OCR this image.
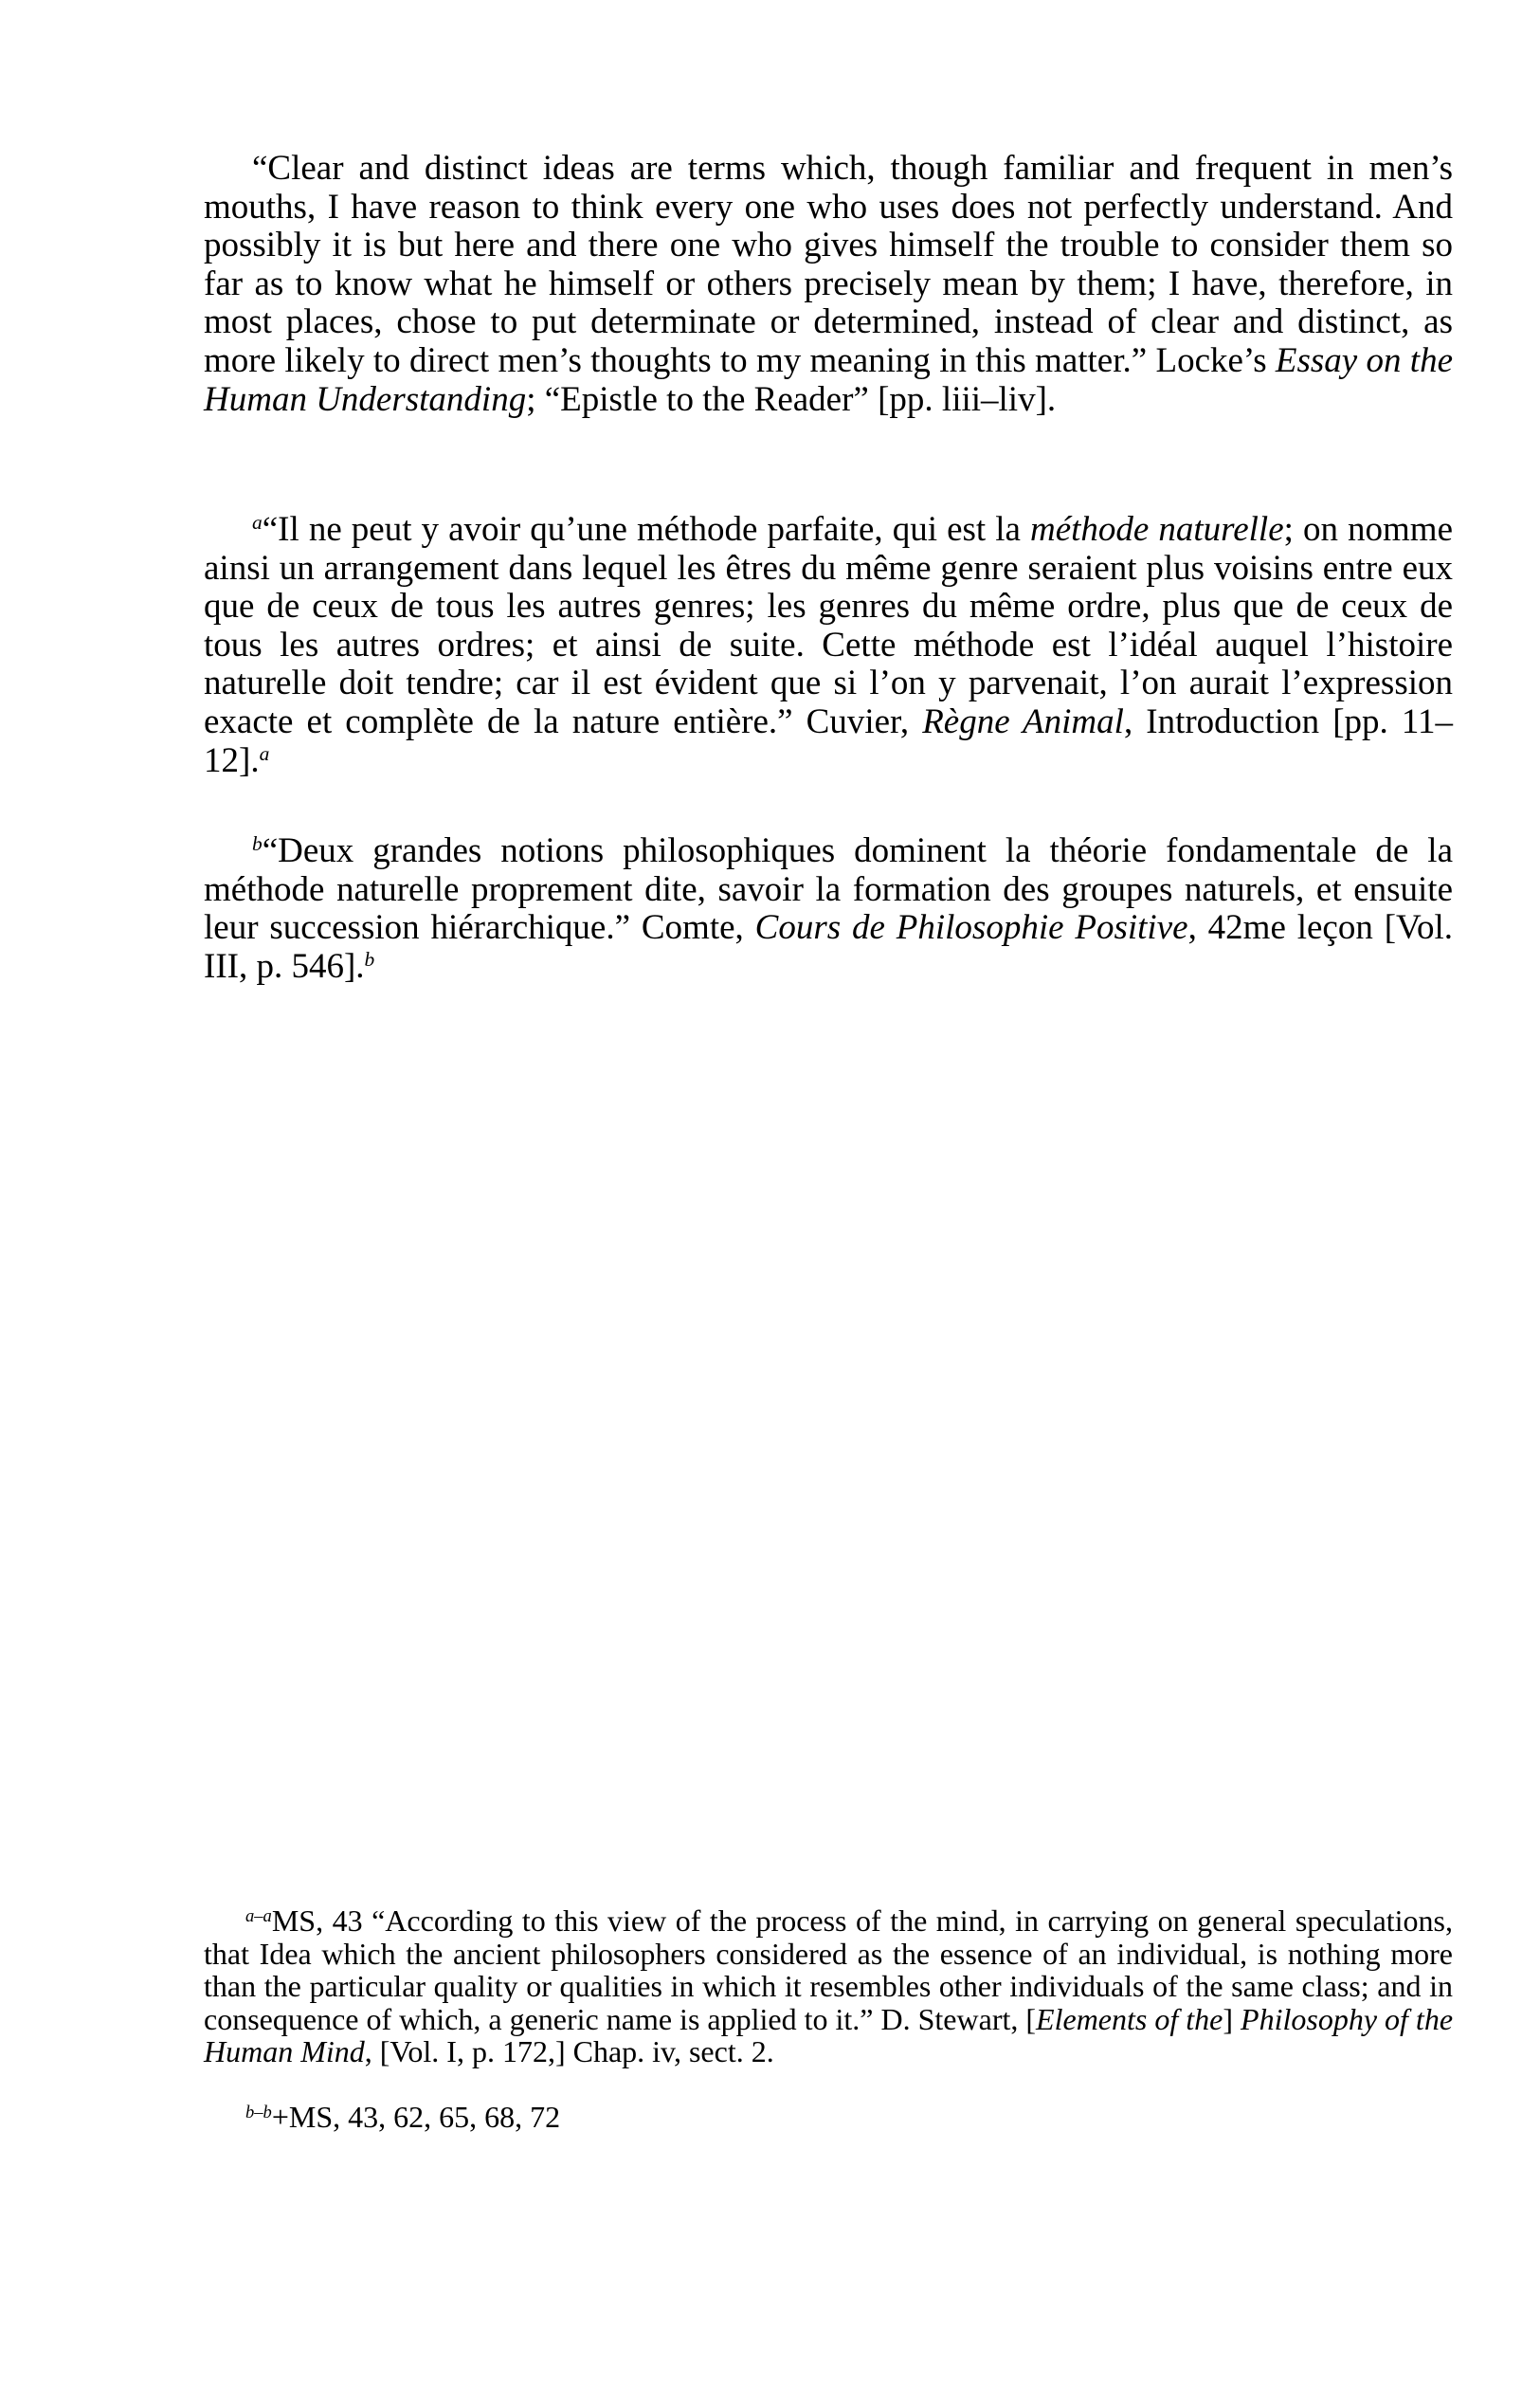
“Clear and distinct ideas are terms which, though familiar and frequent in men’s mouths, I have reason to think every one who uses does not perfectly understand. And possibly it is but here and there one who gives himself the trouble to consider them so far as to know what he himself or others precisely mean by them; I have, therefore, in most places, chose to put determinate or determined, instead of clear and distinct, as more likely to direct men’s thoughts to my meaning in this matter.” Locke’s Essay on the Human Understanding; “Epistle to the Reader” [pp. liii–liv].

$^a$“Il ne peut y avoir qu’une méthode parfaite, qui est la méthode naturelle; on nomme ainsi un arrangement dans lequel les êtres du même genre seraient plus voisins entre eux que de ceux de tous les autres genres; les genres du même ordre, plus que de ceux de tous les autres ordres; et ainsi de suite. Cette méthode est l’idéal auquel l’histoire naturelle doit tendre; car il est évident que si l’on y parvenait, l’on aurait l’expression exacte et complète de la nature entière.” Cuvier, Règne Animal, Introduction [pp. 11–12].$^a$

$^b$“Deux grandes notions philosophiques dominent la théorie fondamentale de la méthode naturelle proprement dite, savoir la formation des groupes naturels, et ensuite leur succession hiérarchique.” Comte, Cours de Philosophie Positive, 42me leçon [Vol. III, p. 546].$^b$

$^{a-a}$MS, 43 “According to this view of the process of the mind, in carrying on general speculations, that Idea which the ancient philosophers considered as the essence of an individual, is nothing more than the particular quality or qualities in which it resembles other individuals of the same class; and in consequence of which, a generic name is applied to it.” D. Stewart, [Elements of the] Philosophy of the Human Mind, [Vol. I, p. 172,] Chap. iv, sect. 2.

$^{b-b}$+MS, 43, 62, 65, 68, 72
